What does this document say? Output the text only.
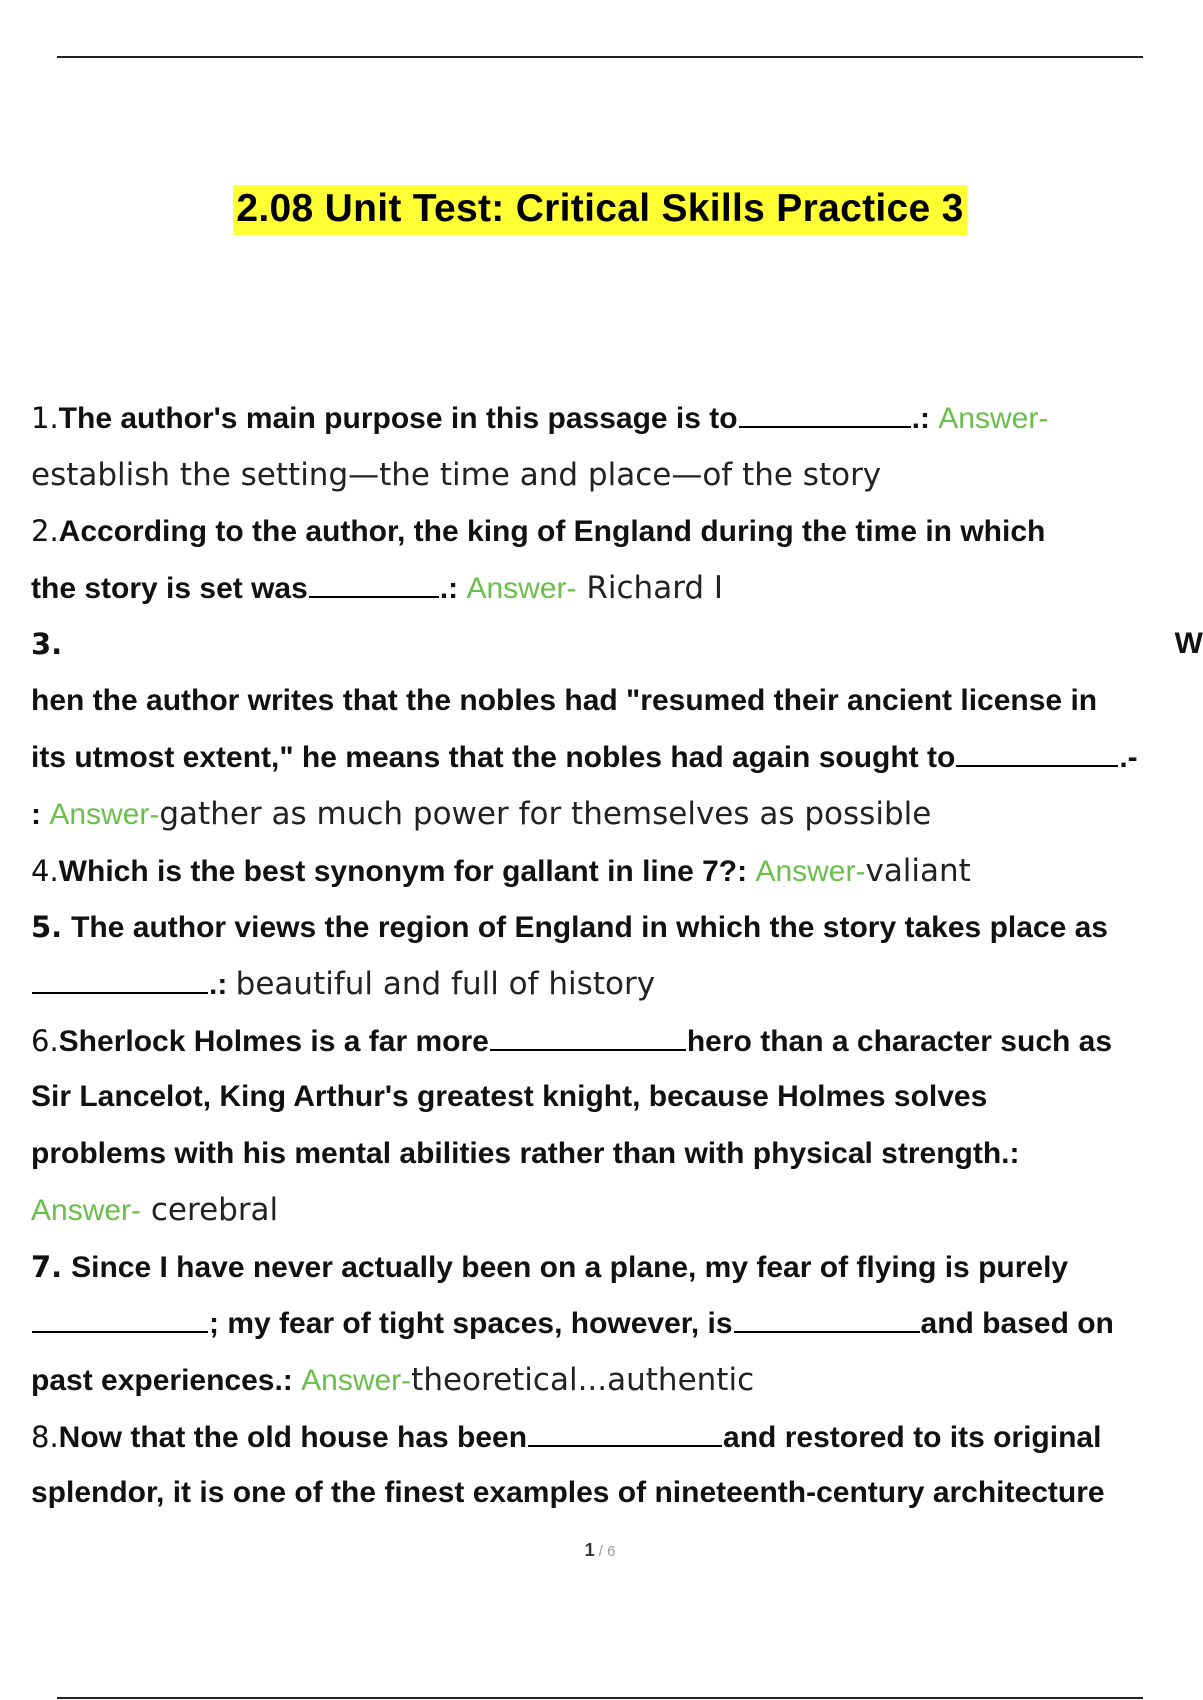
2.08 Unit Test: Critical Skills Practice 3
1.The author's main purpose in this passage is to	.: Answer-
establish the setting—the time and place—of the story
2.According to the author, the king of England during the time in which
the story is set was	.: Answer- Richard I
3.	W
hen the author writes that the nobles had "resumed their ancient license in
its utmost extent," he means that the nobles had again sought to	.-
: Answer-gather as much power for themselves as possible
4.Which is the best synonym for gallant in line 7?: Answer-valiant
5. The author views the region of England in which the story takes place as
.: beautiful and full of history
6.Sherlock Holmes is a far more	hero than a character such as
Sir Lancelot, King Arthur's greatest knight, because Holmes solves
problems with his mental abilities rather than with physical strength.:
Answer- cerebral
7. Since I have never actually been on a plane, my fear of flying is purely
; my fear of tight spaces, however, is	and based on
past experiences.: Answer-theoretical...authentic
8.Now that the old house has been	and restored to its original
splendor, it is one of the finest examples of nineteenth-century architecture
1 / 6
